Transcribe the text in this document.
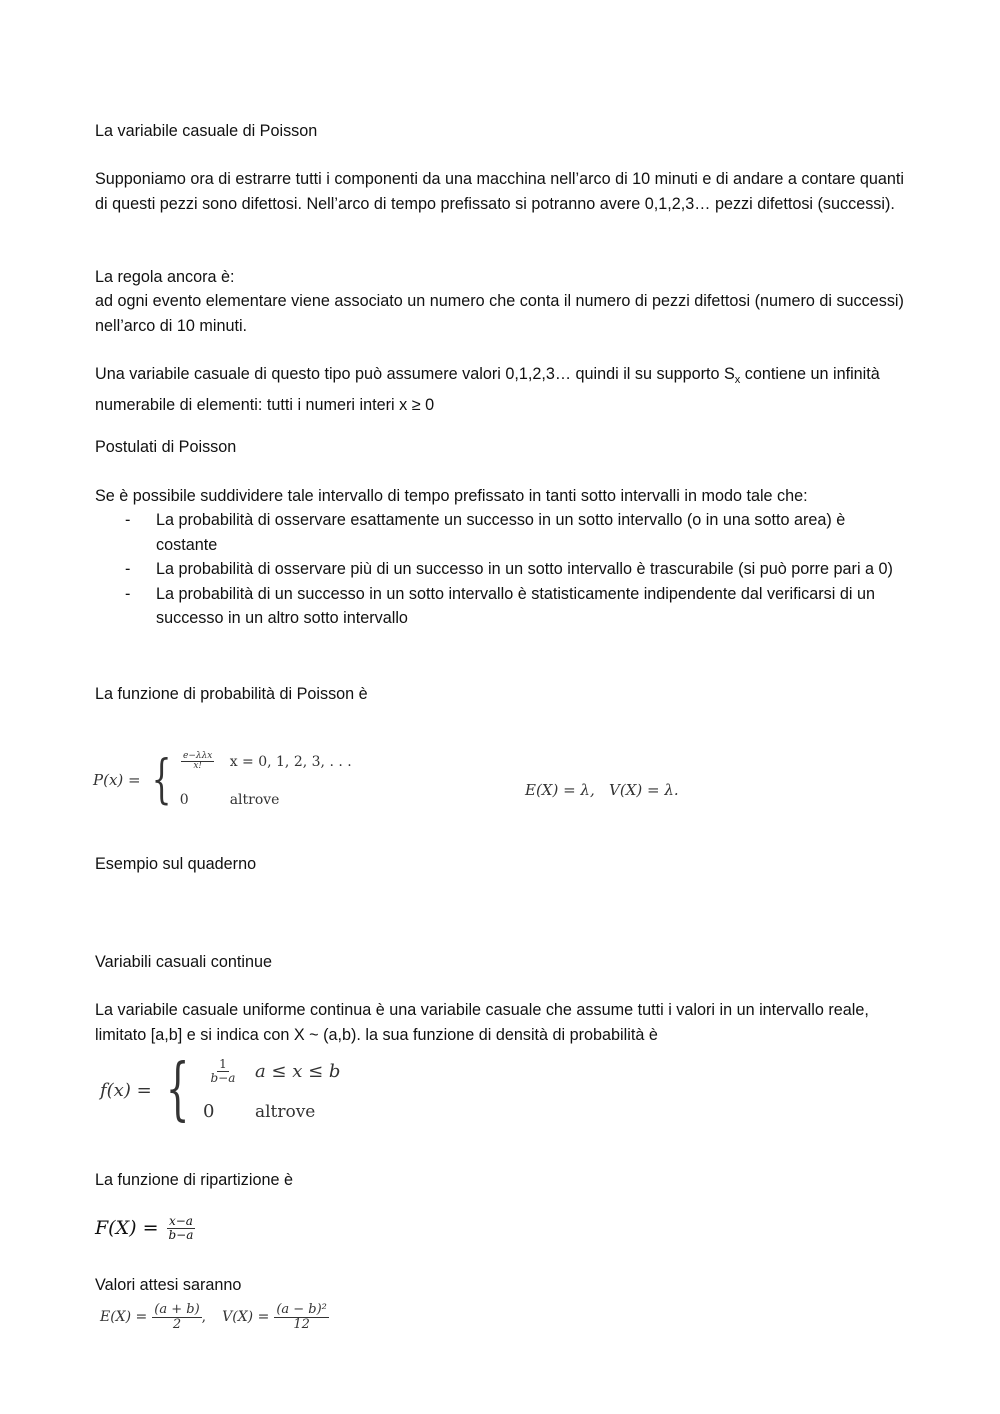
La variabile casuale di Poisson

Supponiamo ora di estrarre tutti i componenti da una macchina nell’arco di 10 minuti e di andare a contare quanti di questi pezzi sono difettosi. Nell’arco di tempo prefissato si potranno avere 0,1,2,3… pezzi difettosi (successi).

La regola ancora è:

ad ogni evento elementare viene associato un numero che conta il numero di pezzi difettosi (numero di successi) nell’arco di 10 minuti.

Una variabile casuale di questo tipo può assumere valori 0,1,2,3… quindi il su supporto $S_x$ contiene un infinità numerabile di elementi: tutti i numeri interi x ≥ 0

Postulati di Poisson

Se è possibile suddividere tale intervallo di tempo prefissato in tanti sotto intervalli in modo tale che:

- La probabilità di osservare esattamente un successo in un sotto intervallo (o in una sotto area) è costante
- La probabilità di osservare più di un successo in un sotto intervallo è trascurabile (si può porre pari a 0)
- La probabilità di un successo in un sotto intervallo è statisticamente indipendente dal verificarsi di un successo in un altro sotto intervallo

La funzione di probabilità di Poisson è

P(x) = { $\frac{\text{e−λλx}}{x!}$ x = 0, 1, 2, 3, . . .
0	altrove
E(X) = λ,   V(X) = λ.

Esempio sul quaderno

Variabili casuali continue

La variabile casuale uniforme continua è una variabile casuale che assume tutti i valori in un intervallo reale, limitato [a,b] e si indica con X ~ (a,b). la sua funzione di densità di probabilità è

f(x) = { $\frac{1}{b-a}$ a ≤ x ≤ b
0	altrove

La funzione di ripartizione è

$F(X) = \frac{x-a}{b-a}$

Valori attesi saranno

$E(X) = \frac{(a + b)}{2}$ , $V(X) = \frac{\text{(a − b)²}}{12}$
